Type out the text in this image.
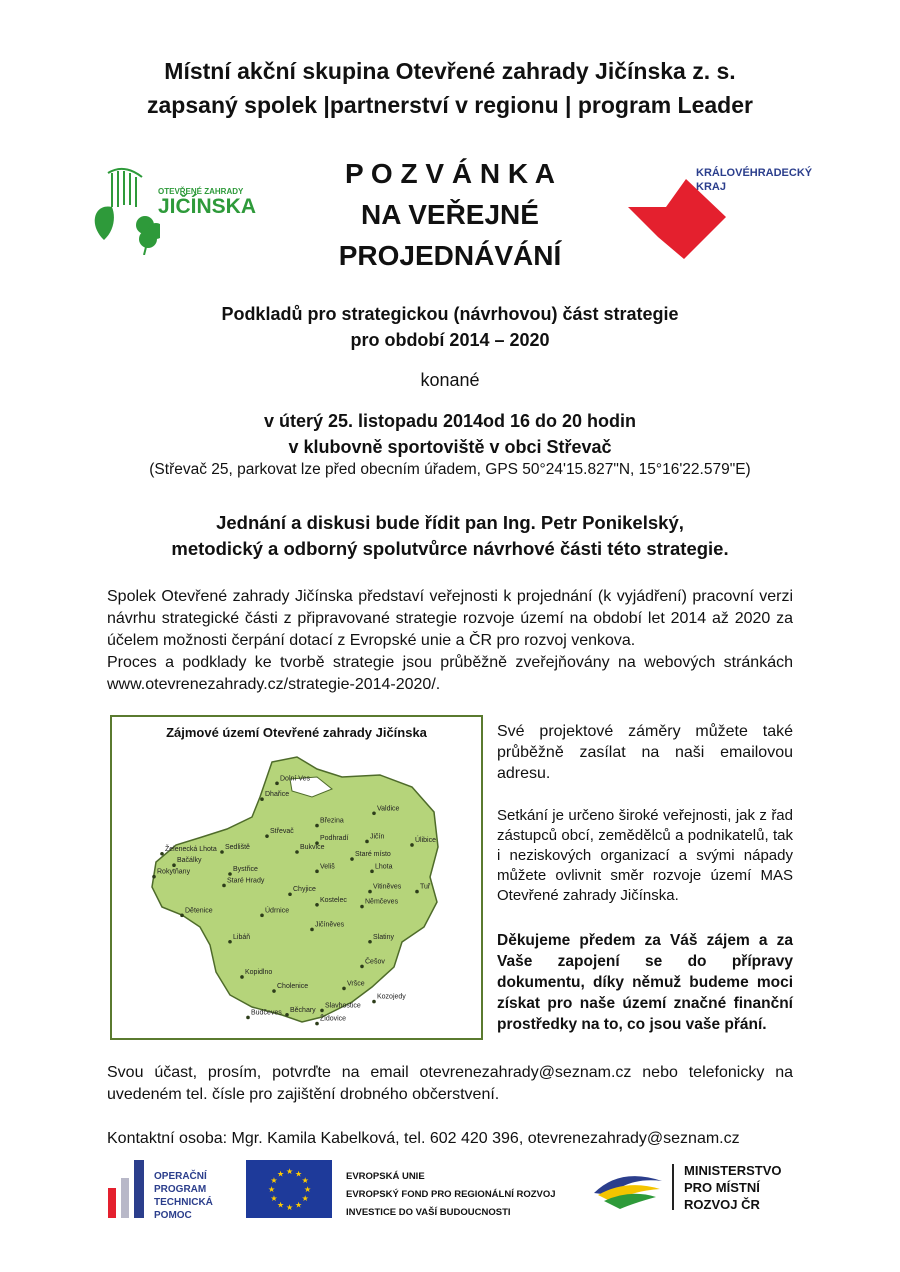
Místní akční skupina Otevřené zahrady Jičínska z. s.
zapsaný spolek |partnerství v regionu | program Leader
OTEVŘENÉ ZAHRADY
JIČÍNSKA
P O Z V Á N K A
NA VEŘEJNÉ
PROJEDNÁVÁNÍ
KRÁLOVÉHRADECKÝ
KRAJ
Podkladů pro strategickou (návrhovou) část strategie
pro období 2014 – 2020
konané
v úterý 25. listopadu 2014od 16 do 20 hodin
v klubovně sportoviště v obci Střevač
(Střevač 25, parkovat lze před obecním úřadem, GPS 50°24'15.827"N, 15°16'22.579"E)
Jednání a diskusi bude řídit pan Ing. Petr Ponikelský,
metodický a odborný spolutvůrce návrhové části této strategie.
Spolek Otevřené zahrady Jičínska představí veřejnosti k projednání (k vyjádření) pracovní verzi návrhu strategické části z připravované strategie rozvoje území na období let 2014 až 2020 za účelem možnosti čerpání dotací z Evropské unie a ČR pro rozvoj venkova.
Proces a podklady ke tvorbě strategie jsou průběžně zveřejňovány na webových stránkách www.otevrenezahrady.cz/strategie-2014-2020/.
Zájmové území Otevřené zahrady Jičínska
Dolní Ves
Dhařice
Březina
Valdice
Střevač
Podhradí	Jičín
Úlibice
Želenecká Lhota Sedliště	Bukvice
Staré místo
Bačálky
Bystřice	Veliš	Lhota
Rokytňany
Staré Hrady
Vitiněves	Tuř
Chyjice
Kostelec	Němčeves
Dětenice	Údrnice
Jičíněves
Libáň	Slatiny
Kopidlno
Češov
Cholenice	Vršce
Kozojedy
Slavhostice
Budčeves Běchary
Židovice
Své projektové záměry můžete také průběžně zasílat na naši emailovou adresu.
Setkání je určeno široké veřejnosti, jak z řad zástupců obcí, zemědělců a podnikatelů, tak i neziskových organizací a svými nápady můžete ovlivnit směr rozvoje území MAS Otevřené zahrady Jičínska.
Děkujeme předem za Váš zájem a za Vaše zapojení se do přípravy dokumentu, díky němuž budeme moci získat pro naše území značné finanční prostředky na to, co jsou vaše přání.
Svou účast, prosím, potvrďte na email otevrenezahrady@seznam.cz nebo telefonicky na uvedeném tel. čísle pro zajištění drobného občerstvení.
Kontaktní osoba: Mgr. Kamila Kabelková, tel. 602 420 396, otevrenezahrady@seznam.cz
OPERAČNÍ
PROGRAM
TECHNICKÁ
POMOC
★ ★
★
★
★
★
★
★
★
★
★
★	EVROPSKÁ UNIE
EVROPSKÝ FOND PRO REGIONÁLNÍ ROZVOJ
INVESTICE DO VAŠÍ BUDOUCNOSTI
MINISTERSTVO
PRO MÍSTNÍ
ROZVOJ ČR
